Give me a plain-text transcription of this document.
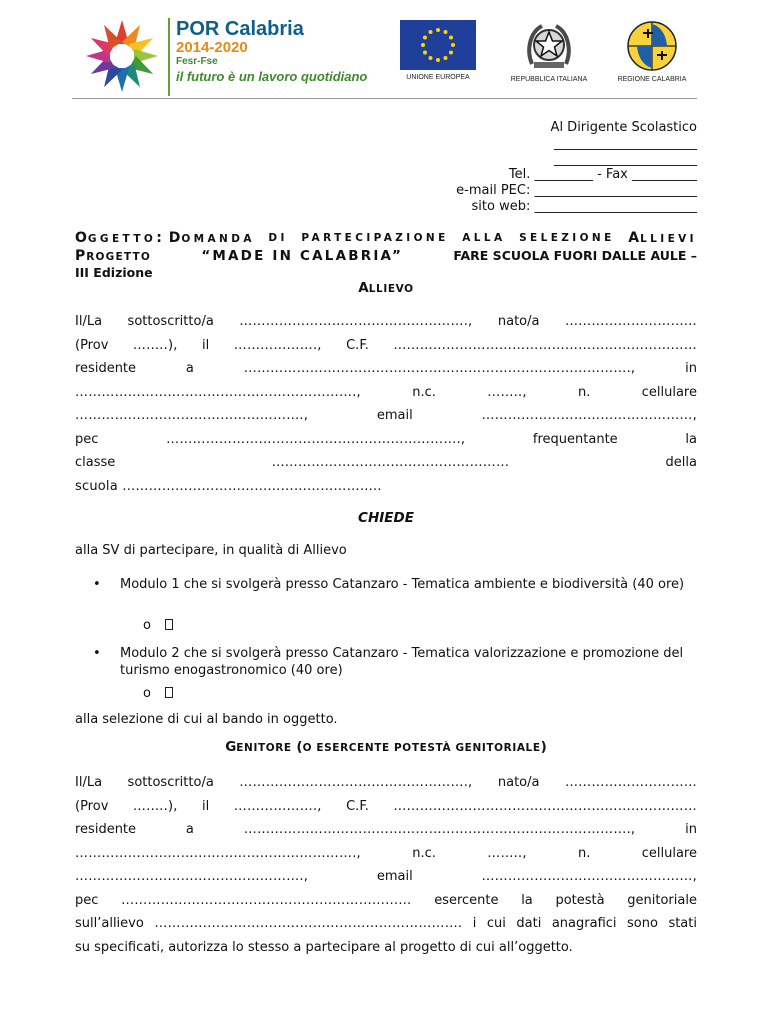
POR Calabria
2014-2020
Fesr-Fse
il futuro è un lavoro quotidiano	UNIONE EUROPEA	REPUBBLICA ITALIANA	REGIONE CALABRIA
Al Dirigente Scolastico
______________________
______________________
Tel. _________ - Fax __________
e-mail PEC: _________________________
sito web: _________________________
OGGETTO: DOMANDA DI PARTECIPAZIONE ALLA SELEZIONE ALLIEVI
PROGETTO	“MADE IN CALABRIA”	FARE SCUOLA FUORI DALLE AULE –
III Edizione
ALLIEVO
Il/La sottoscritto/a ……………………………………………., nato/a …………………………
(Prov ……..), il ………………., C.F. ……………………………………………………………
residente	a	…………………………………………………………………………….,	in
……………………………………………………….,	n.c.	……..,	n.	cellulare
…………………………………………….,	email	…………………………………………,
pec	………………………………………………………….,	frequentante	la
classe	………………………………………………	della
scuola …………………………………………………..
CHIEDE
alla SV di partecipare, in qualità di Allievo
• Modulo 1 che si svolgerà presso Catanzaro - Tematica ambiente e biodiversità (40 ore)
o
• Modulo 2 che si svolgerà presso Catanzaro - Tematica valorizzazione e promozione del turismo enogastronomico (40 ore)
o
alla selezione di cui al bando in oggetto.
GENITORE (O ESERCENTE POTESTÀ GENITORIALE)
Il/La sottoscritto/a ……………………………………………., nato/a …………………………
(Prov ……..), il ………………., C.F. ……………………………………………………………
residente	a	…………………………………………………………………………….,	in
……………………………………………………….,	n.c.	……..,	n.	cellulare
…………………………………………….,	email	…………………………………………,
pec ………………………………………………………… esercente la potestà genitoriale
sull’allievo ……………………………………………………………. i cui dati anagrafici sono stati
su specificati, autorizza lo stesso a partecipare al progetto di cui all’oggetto.
